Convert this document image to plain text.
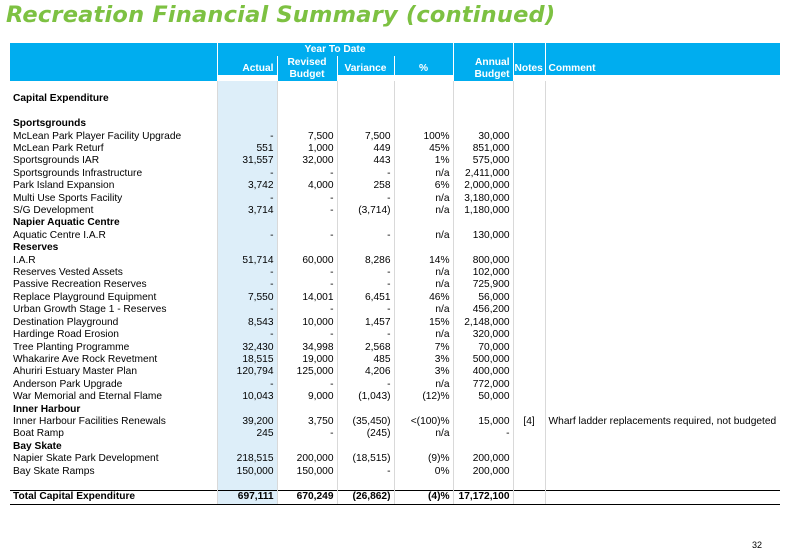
Recreation Financial Summary (continued)
	Year To Date						
		Revised			Annual		
	Actual	Budget	Variance	%	Budget	Notes	Comment

Capital Expenditure							

Sportsgrounds							
McLean Park Player Facility Upgrade	-	7,500	7,500	100%	30,000		
McLean Park Returf	551	1,000	449	45%	851,000		
Sportsgrounds IAR	31,557	32,000	443	1%	575,000		
Sportsgrounds Infrastructure	-	-	-	n/a	2,411,000		
Park Island Expansion	3,742	4,000	258	6%	2,000,000		
Multi Use Sports Facility	-	-	-	n/a	3,180,000		
S/G Development	3,714	-	(3,714)	n/a	1,180,000		
Napier Aquatic Centre							
Aquatic Centre I.A.R	-	-	-	n/a	130,000		
Reserves							
I.A.R	51,714	60,000	8,286	14%	800,000		
Reserves Vested Assets	-	-	-	n/a	102,000		
Passive Recreation Reserves	-	-	-	n/a	725,900		
Replace Playground Equipment	7,550	14,001	6,451	46%	56,000		
Urban Growth Stage 1 - Reserves	-	-	-	n/a	456,200		
Destination Playground	8,543	10,000	1,457	15%	2,148,000		
Hardinge Road Erosion	-	-	-	n/a	320,000		
Tree Planting Programme	32,430	34,998	2,568	7%	70,000		
Whakarire Ave Rock Revetment	18,515	19,000	485	3%	500,000		
Ahuriri Estuary Master Plan	120,794	125,000	4,206	3%	400,000		
Anderson Park Upgrade	-	-	-	n/a	772,000		
War Memorial and Eternal Flame	10,043	9,000	(1,043)	(12)%	50,000		
Inner Harbour							
Inner Harbour Facilities Renewals	39,200	3,750	(35,450)	<(100)%	15,000	[4]	Wharf ladder replacements required, not budgeted
Boat Ramp	245	-	(245)	n/a	-		
Bay Skate							
Napier Skate Park Development	218,515	200,000	(18,515)	(9)%	200,000		
Bay Skate Ramps	150,000	150,000	-	0%	200,000		

Total Capital Expenditure	697,111	670,249	(26,862)	(4)%	17,172,100		
32
